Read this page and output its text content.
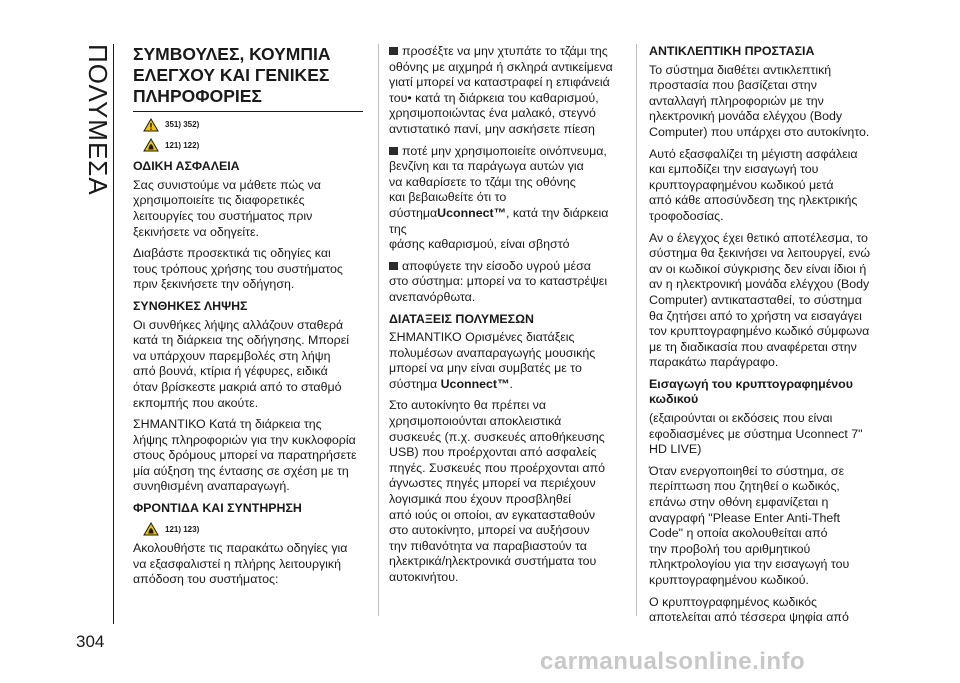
ΠΟΛΥΜΕΣΑ ΣΥΜΒΟΥΛΕΣ, ΚΟΥΜΠΙΑ
ΕΛΕΓΧΟΥ ΚΑΙ ΓΕΝΙΚΕΣ
ΠΛΗΡΟΦΟΡΙΕΣ
351) 352)
121) 122)
ΟΔΙΚΗ ΑΣΦΑΛΕΙΑ

Σας συνιστούμε να μάθετε πώς να
χρησιμοποιείτε τις διαφορετικές
λειτουργίες του συστήματος πριν
ξεκινήσετε να οδηγείτε.

Διαβάστε προσεκτικά τις οδηγίες και
τους τρόπους χρήσης του συστήματος
πριν ξεκινήσετε την οδήγηση.

ΣΥΝΘΗΚΕΣ ΛΗΨΗΣ

Οι συνθήκες λήψης αλλάζουν σταθερά
κατά τη διάρκεια της οδήγησης. Μπορεί
να υπάρχουν παρεμβολές στη λήψη
από βουνά, κτίρια ή γέφυρες, ειδικά
όταν βρίσκεστε μακριά από το σταθμό
εκπομπής που ακούτε.

ΣΗΜΑΝΤΙΚΟ Κατά τη διάρκεια της
λήψης πληροφοριών για την κυκλοφορία
στους δρόμους μπορεί να παρατηρήσετε
μία αύξηση της έντασης σε σχέση με τη
συνηθισμένη αναπαραγωγή.

ΦΡΟΝΤΙΔΑ ΚΑΙ ΣΥΝΤΗΡΗΣΗ
121) 123)

Ακολουθήστε τις παρακάτω οδηγίες για
να εξασφαλιστεί η πλήρης λειτουργική
απόδοση του συστήματος:

προσέξτε να μην χτυπάτε το τζάμι της
οθόνης με αιχμηρά ή σκληρά αντικείμενα
γιατί μπορεί να καταστραφεί η επιφάνειά
του• κατά τη διάρκεια του καθαρισμού,
χρησιμοποιώντας ένα μαλακό, στεγνό
αντιστατικό πανί, μην ασκήσετε πίεση

ποτέ μην χρησιμοποιείτε οινόπνευμα,
βενζίνη και τα παράγωγα αυτών για
να καθαρίσετε το τζάμι της οθόνης
και βεβαιωθείτε ότι το σύστημαUconnect™, κατά την διάρκεια της
φάσης καθαρισμού, είναι σβηστό

αποφύγετε την είσοδο υγρού μέσα
στο σύστημα: μπορεί να το καταστρέψει
ανεπανόρθωτα.

ΔΙΑΤΑΞΕΙΣ ΠΟΛΥΜΕΣΩΝ

ΣΗΜΑΝΤΙΚΟ Ορισμένες διατάξεις
πολυμέσων αναπαραγωγής μουσικής
μπορεί να μην είναι συμβατές με το
σύστημα Uconnect™.

Στο αυτοκίνητο θα πρέπει να
χρησιμοποιούνται αποκλειστικά
συσκευές (π.χ. συσκευές αποθήκευσης
USB) που προέρχονται από ασφαλείς
πηγές. Συσκευές που προέρχονται από
άγνωστες πηγές μπορεί να περιέχουν
λογισμικά που έχουν προσβληθεί
από ιούς οι οποίοι, αν εγκατασταθούν
στο αυτοκίνητο, μπορεί να αυξήσουν
την πιθανότητα να παραβιαστούν τα
ηλεκτρικά/ηλεκτρονικά συστήματα του
αυτοκινήτου.

ΑΝΤΙΚΛΕΠΤΙΚΗ ΠΡΟΣΤΑΣΙΑ

Το σύστημα διαθέτει αντικλεπτική
προστασία που βασίζεται στην
ανταλλαγή πληροφοριών με την
ηλεκτρονική μονάδα ελέγχου (Body
Computer) που υπάρχει στο αυτοκίνητο.

Αυτό εξασφαλίζει τη μέγιστη ασφάλεια
και εμποδίζει την εισαγωγή του
κρυπτογραφημένου κωδικού μετά
από κάθε αποσύνδεση της ηλεκτρικής
τροφοδοσίας.

Αν ο έλεγχος έχει θετικό αποτέλεσμα, το
σύστημα θα ξεκινήσει να λειτουργεί, ενώ
αν οι κωδικοί σύγκρισης δεν είναι ίδιοι ή
αν η ηλεκτρονική μονάδα ελέγχου (Body
Computer) αντικατασταθεί, το σύστημα
θα ζητήσει από το χρήστη να εισαγάγει
τον κρυπτογραφημένο κωδικό σύμφωνα
με τη διαδικασία που αναφέρεται στην
παρακάτω παράγραφο.

Εισαγωγή του κρυπτογραφημένου
κωδικού

(εξαιρούνται οι εκδόσεις που είναι
εφοδιασμένες με σύστημα Uconnect 7"
HD LIVE)

Όταν ενεργοποιηθεί το σύστημα, σε
περίπτωση που ζητηθεί ο κωδικός,
επάνω στην οθόνη εμφανίζεται η
αναγραφή "Please Enter Anti-Theft
Code" η οποία ακολουθείται από
την προβολή του αριθμητικού
πληκτρολογίου για την εισαγωγή του
κρυπτογραφημένου κωδικού.

Ο κρυπτογραφημένος κωδικός
αποτελείται από τέσσερα ψηφία από

304
carmanualsonline.info
